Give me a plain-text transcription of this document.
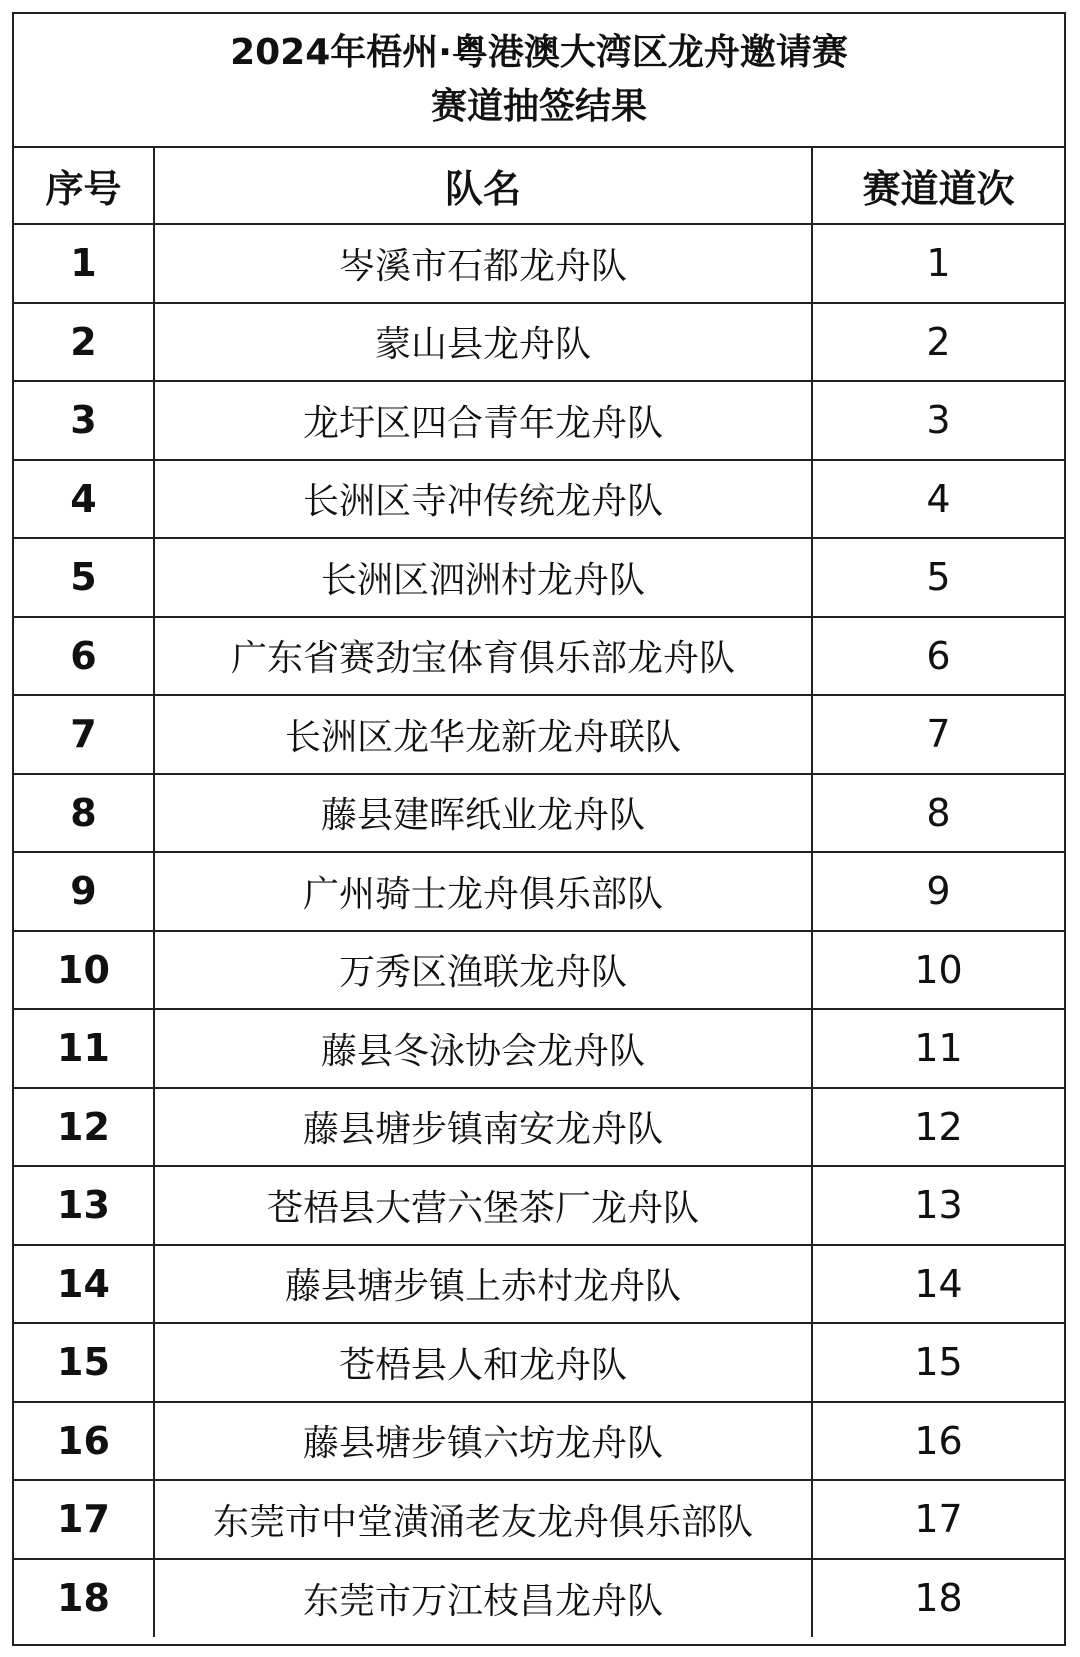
2024年梧州·粤港澳大湾区龙舟邀请赛
赛道抽签结果
序号	队名	赛道道次
1	岑溪市石都龙舟队	1
2	蒙山县龙舟队	2
3	龙圩区四合青年龙舟队	3
4	长洲区寺冲传统龙舟队	4
5	长洲区泗洲村龙舟队	5
6	广东省赛劲宝体育俱乐部龙舟队	6
7	长洲区龙华龙新龙舟联队	7
8	藤县建晖纸业龙舟队	8
9	广州骑士龙舟俱乐部队	9
10	万秀区渔联龙舟队	10
11	藤县冬泳协会龙舟队	11
12	藤县塘步镇南安龙舟队	12
13	苍梧县大营六堡茶厂龙舟队	13
14	藤县塘步镇上赤村龙舟队	14
15	苍梧县人和龙舟队	15
16	藤县塘步镇六坊龙舟队	16
17	东莞市中堂潢涌老友龙舟俱乐部队	17
18	东莞市万江枝昌龙舟队	18
